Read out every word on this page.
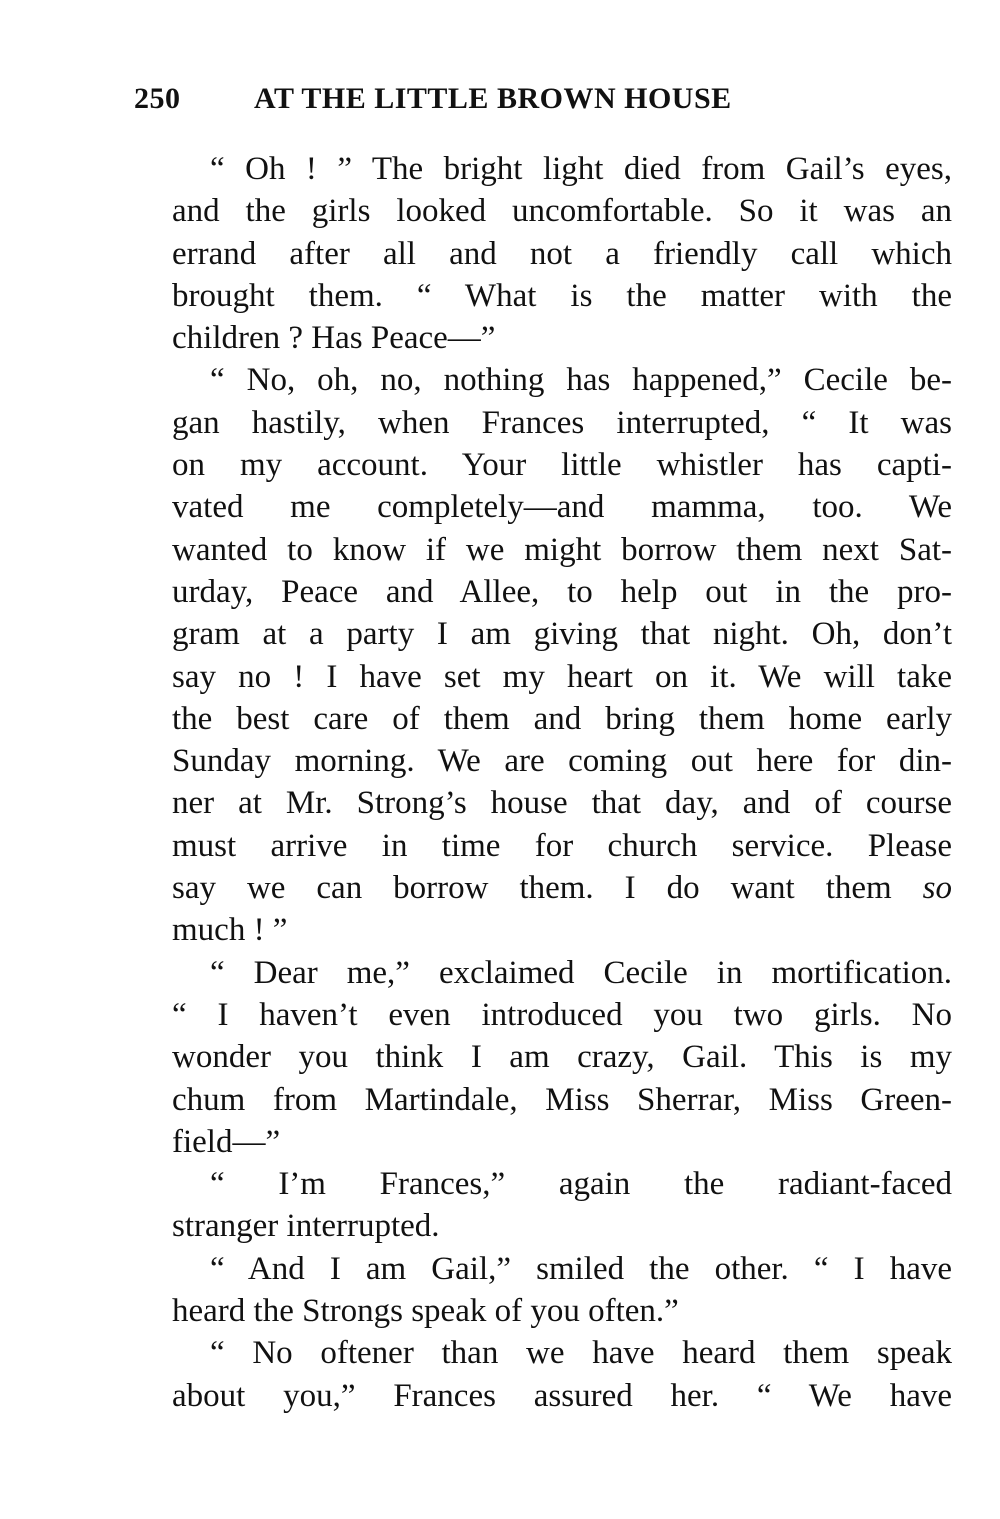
250	AT THE LITTLE BROWN HOUSE

“ Oh ! ” The bright light died from Gail’s eyes,
and the girls looked uncomfortable. So it was an
errand after all and not a friendly call which
brought them. “ What is the matter with the
children ? Has Peace—”

“ No, oh, no, nothing has happened,” Cecile be-
gan hastily, when Frances interrupted, “ It was
on my account. Your little whistler has capti-
vated me completely—and mamma, too. We
wanted to know if we might borrow them next Sat-
urday, Peace and Allee, to help out in the pro-
gram at a party I am giving that night. Oh, don’t
say no ! I have set my heart on it. We will take
the best care of them and bring them home early
Sunday morning. We are coming out here for din-
ner at Mr. Strong’s house that day, and of course
must arrive in time for church service. Please
say we can borrow them. I do want them so
much ! ”

“ Dear me,” exclaimed Cecile in mortification.
“ I haven’t even introduced you two girls. No
wonder you think I am crazy, Gail. This is my
chum from Martindale, Miss Sherrar, Miss Green-
field—”

“ I’m Frances,” again the radiant-faced
stranger interrupted.

“ And I am Gail,” smiled the other. “ I have
heard the Strongs speak of you often.”

“ No oftener than we have heard them speak
about you,” Frances assured her. “ We have
